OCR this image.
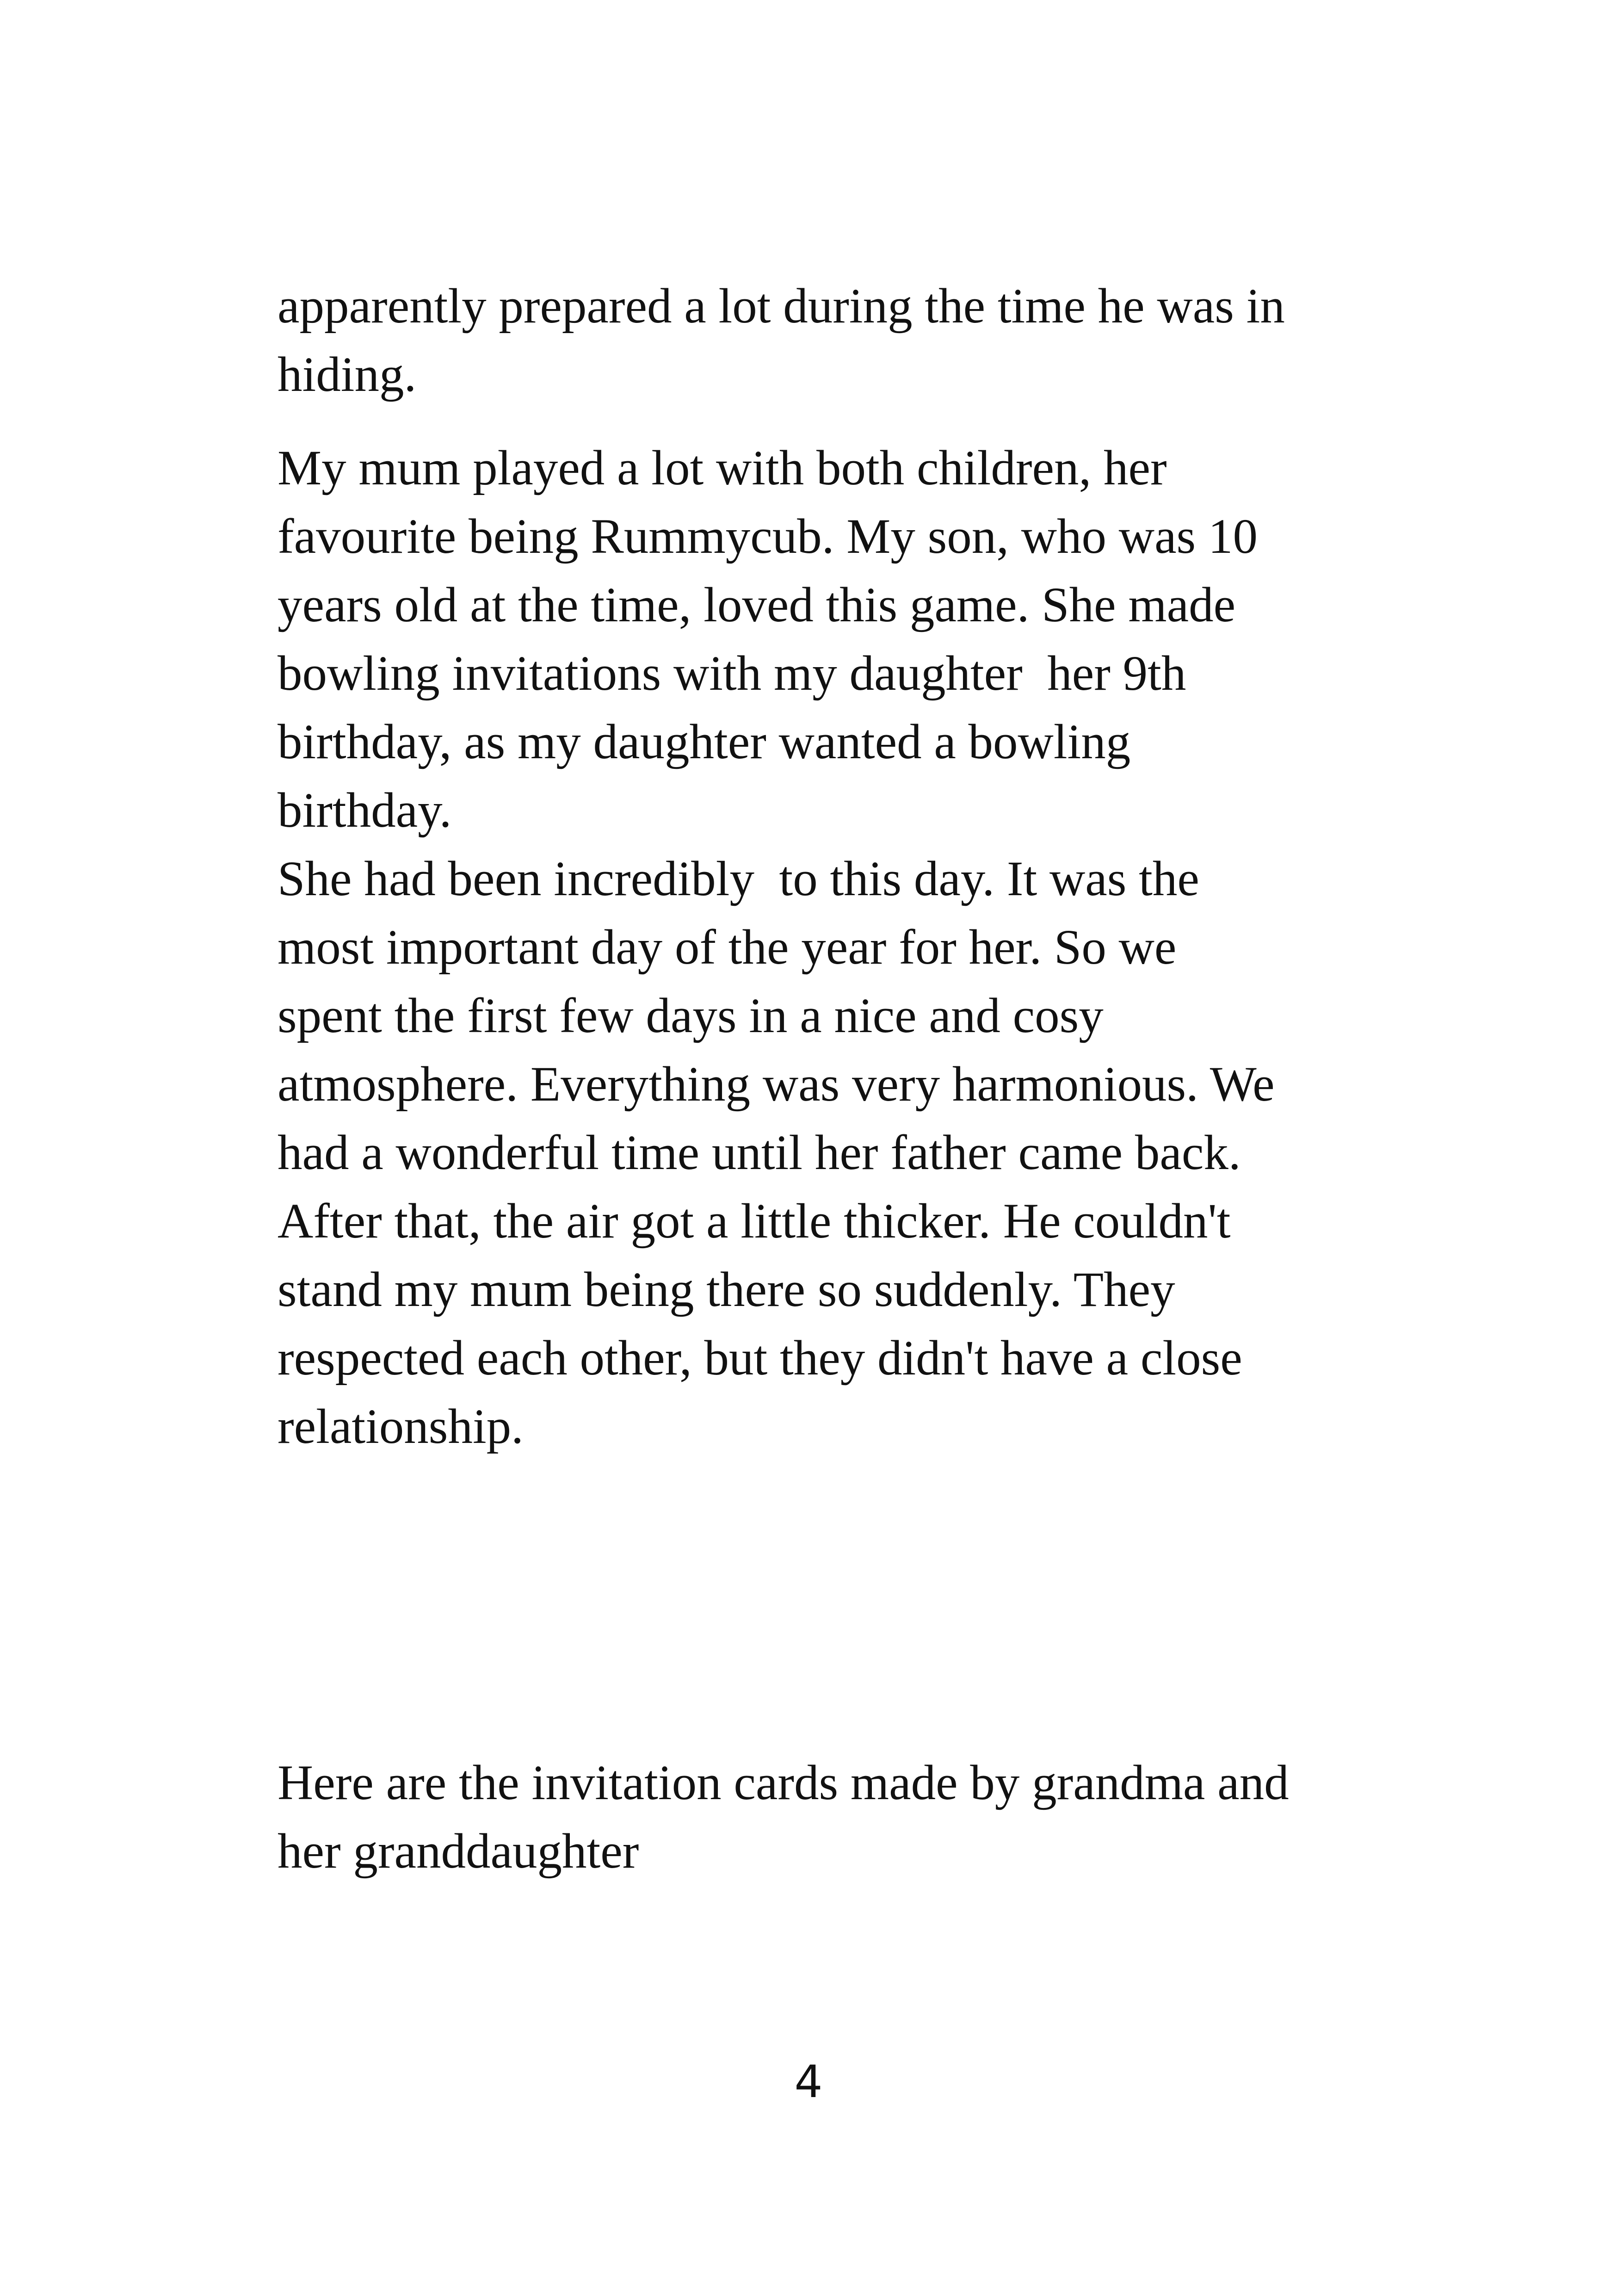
apparently prepared a lot during the time he was in
hiding.
My mum played a lot with both children, her
favourite being Rummycub. My son, who was 10
years old at the time, loved this game. She made
bowling invitations with my daughter  her 9th
birthday, as my daughter wanted a bowling
birthday.
She had been incredibly  to this day. It was the
most important day of the year for her. So we
spent the first few days in a nice and cosy
atmosphere. Everything was very harmonious. We
had a wonderful time until her father came back.
After that, the air got a little thicker. He couldn't
stand my mum being there so suddenly. They
respected each other, but they didn't have a close
relationship.
Here are the invitation cards made by grandma and
her granddaughter
4
